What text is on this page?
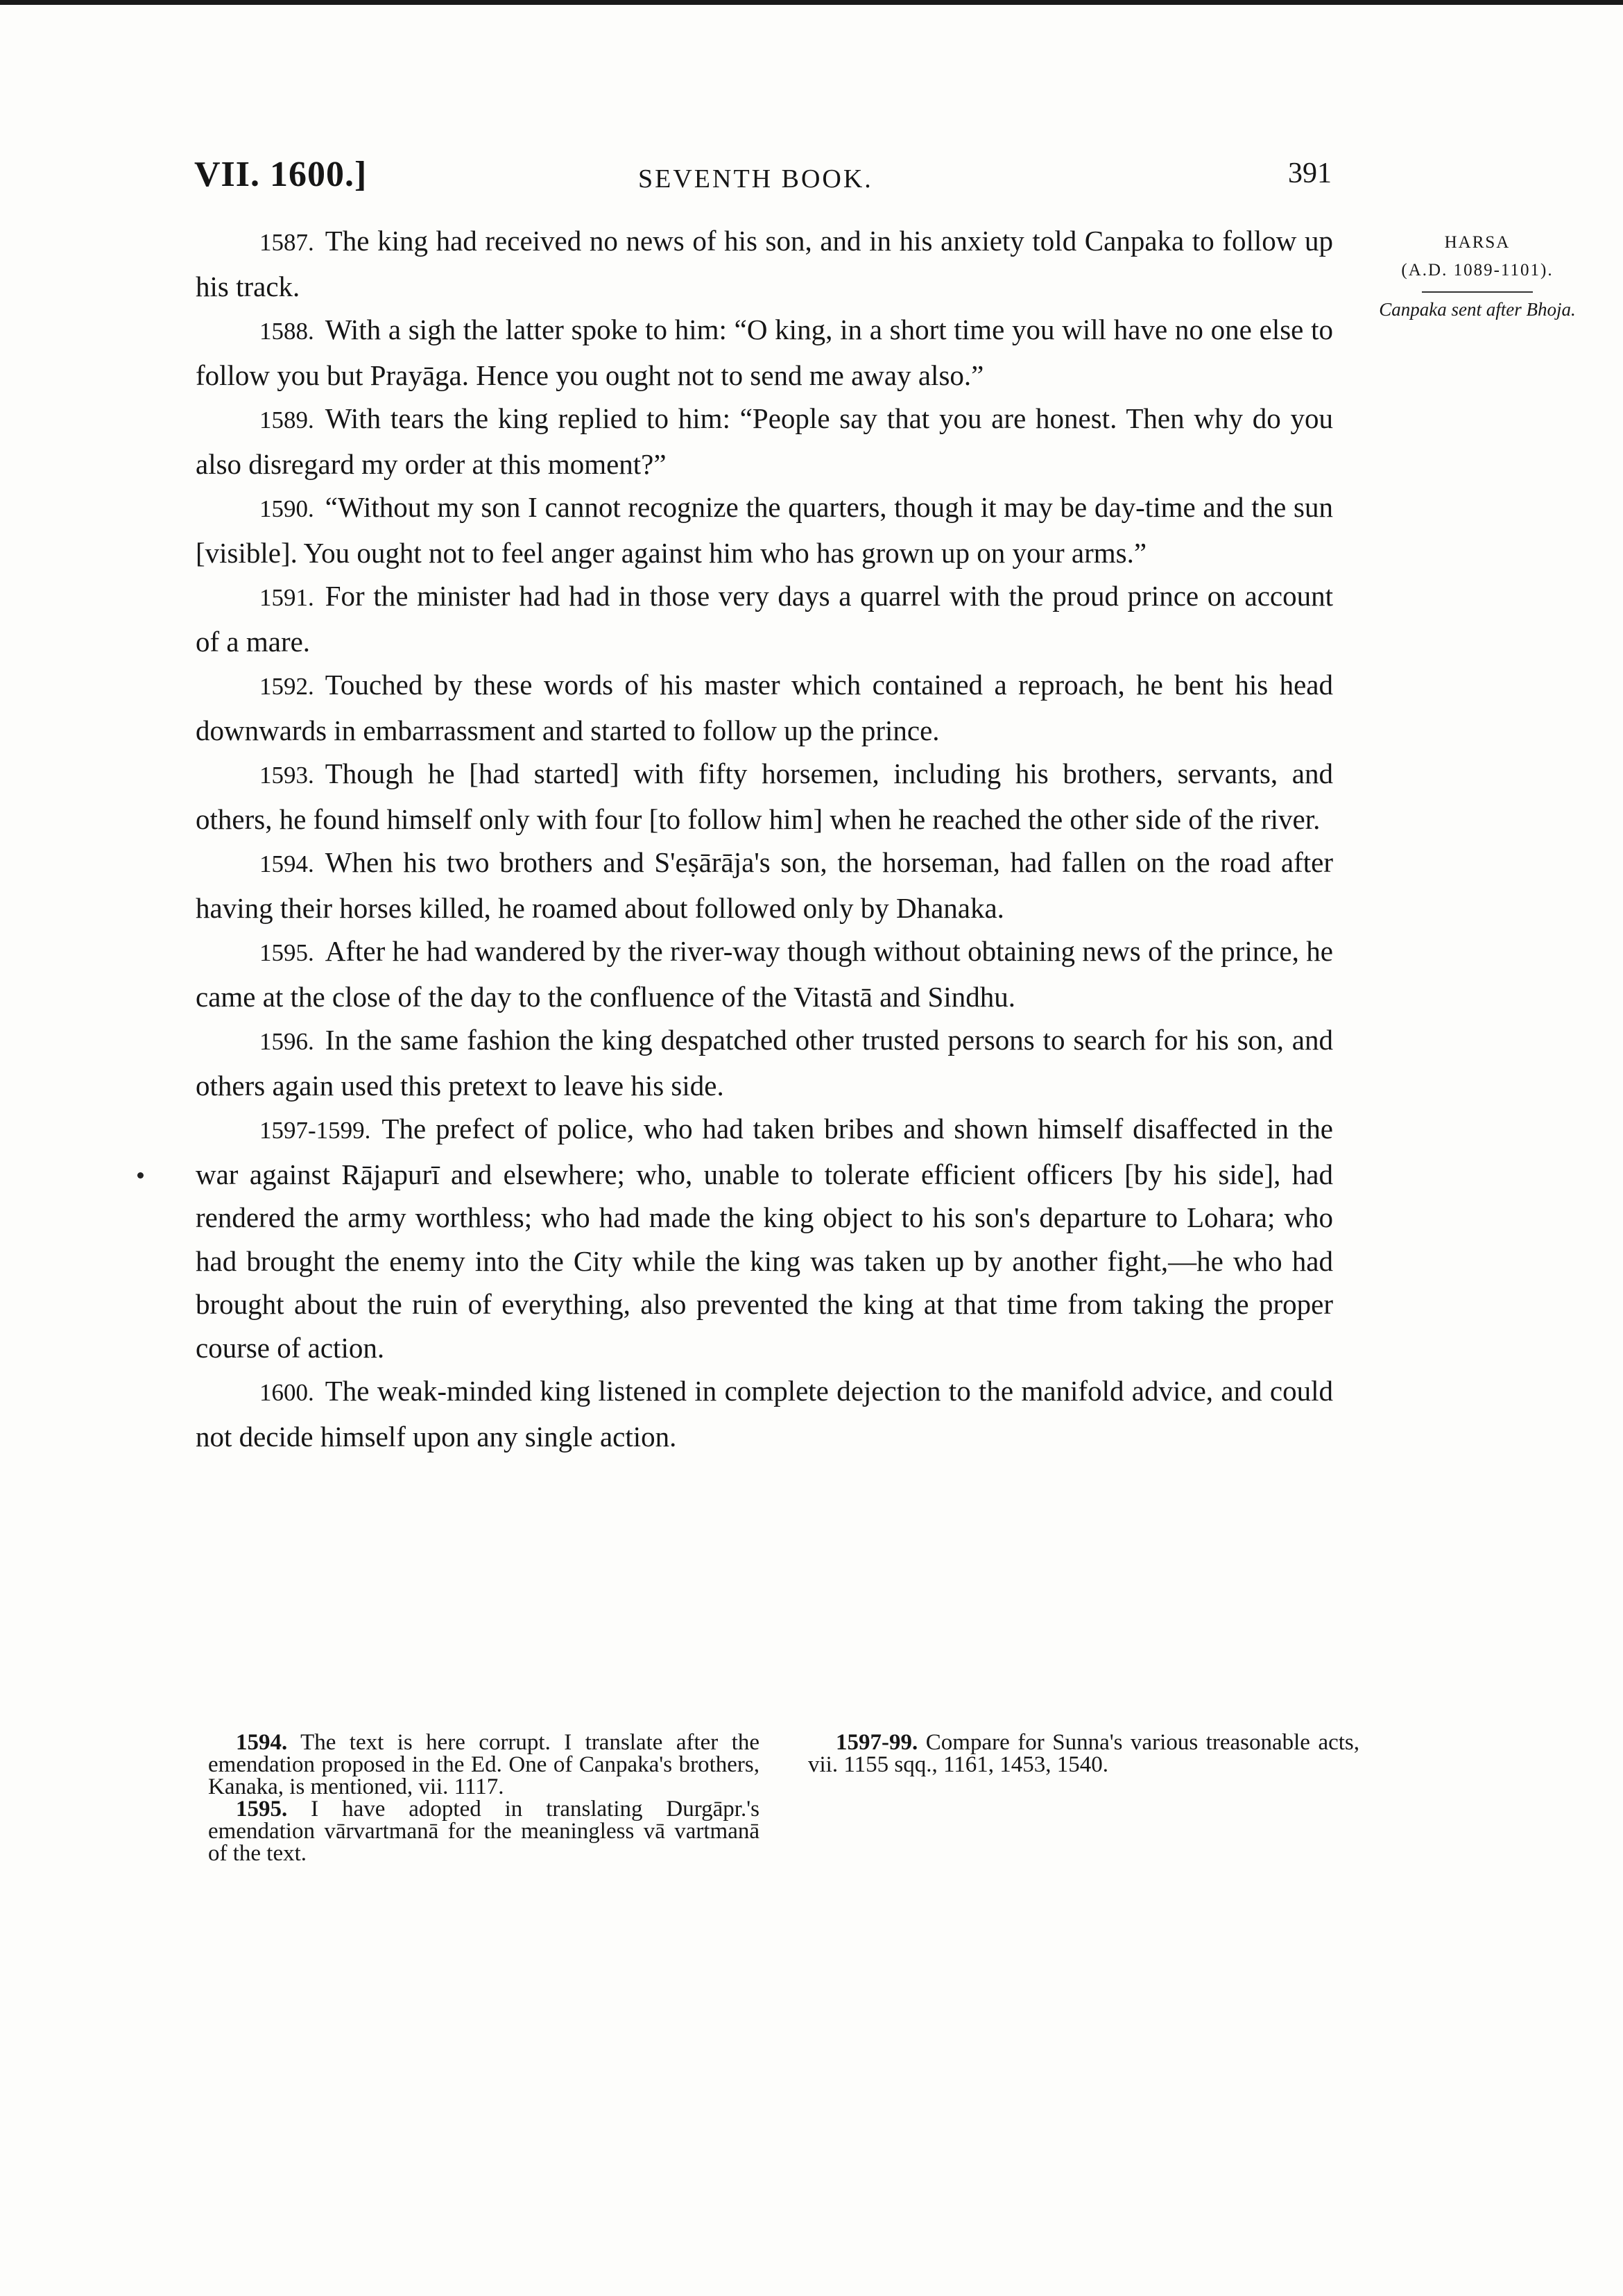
VII. 1600.]	SEVENTH BOOK.	391
HARSA
(A.D. 1089-1101).
Canpaka sent after Bhoja.

1587. The king had received no news of his son, and in his anxiety told Canpaka to follow up his track.

1588. With a sigh the latter spoke to him: “O king, in a short time you will have no one else to follow you but Prayāga. Hence you ought not to send me away also.”

1589. With tears the king replied to him: “People say that you are honest. Then why do you also disregard my order at this moment?”

1590. “Without my son I cannot recognize the quarters, though it may be day-time and the sun [visible]. You ought not to feel anger against him who has grown up on your arms.”

1591. For the minister had had in those very days a quarrel with the proud prince on account of a mare.

1592. Touched by these words of his master which contained a reproach, he bent his head downwards in embarrassment and started to follow up the prince.

1593. Though he [had started] with fifty horsemen, including his brothers, servants, and others, he found himself only with four [to follow him] when he reached the other side of the river.

1594. When his two brothers and S'eṣārāja's son, the horseman, had fallen on the road after having their horses killed, he roamed about followed only by Dhanaka.

1595. After he had wandered by the river-way though without obtaining news of the prince, he came at the close of the day to the confluence of the Vitastā and Sindhu.

1596. In the same fashion the king despatched other trusted persons to search for his son, and others again used this pretext to leave his side.

1597-1599. The prefect of police, who had taken bribes and shown himself disaffected in the war against Rājapurī and elsewhere; who, unable to tolerate efficient officers [by his side], had rendered the army worthless; who had made the king object to his son's departure to Lohara; who had brought the enemy into the City while the king was taken up by another fight,—he who had brought about the ruin of everything, also prevented the king at that time from taking the proper course of action.

1600. The weak-minded king listened in complete dejection to the manifold advice, and could not decide himself upon any single action.

1594. The text is here corrupt. I translate after the emendation proposed in the Ed. One of Canpaka's brothers, Kanaka, is mentioned, vii. 1117.

1595. I have adopted in translating Durgāpr.'s emendation vārvartmanā for the meaningless vā vartmanā of the text.

1597-99. Compare for Sunna's various treasonable acts, vii. 1155 sqq., 1161, 1453, 1540.
